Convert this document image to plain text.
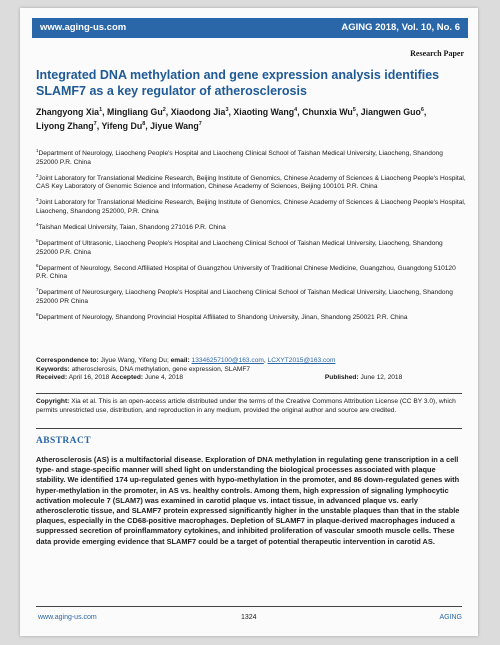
www.aging-us.com	AGING 2018, Vol. 10, No. 6
Research Paper
Integrated DNA methylation and gene expression analysis identifies SLAMF7 as a key regulator of atherosclerosis
Zhangyong Xia$^1$, Mingliang Gu$^2$, Xiaodong Jia$^3$, Xiaoting Wang$^4$, Chunxia Wu$^5$, Jiangwen Guo$^6$,
Liyong Zhang$^7$, Yifeng Du$^8$, Jiyue Wang$^7$
$^1$Department of Neurology, Liaocheng People's Hospital and Liaocheng Clinical School of Taishan Medical University, Liaocheng, Shandong 252000 P.R. China
$^2$Joint Laboratory for Translational Medicine Research, Beijing Institute of Genomics, Chinese Academy of Sciences & Liaocheng People's Hospital, CAS Key Laboratory of Genomic Science and Information, Chinese Academy of Sciences, Beijing 100101 P.R. China
$^3$Joint Laboratory for Translational Medicine Research, Beijing Institute of Genomics, Chinese Academy of Sciences & Liaocheng People's Hospital, Liaocheng, Shandong 252000, P.R. China
$^4$Taishan Medical University, Taian, Shandong 271016 P.R. China
$^5$Department of Ultrasonic, Liaocheng People's Hospital and Liaocheng Clinical School of Taishan Medical University, Liaocheng, Shandong 252000 P.R. China
$^6$Deparment of Neurology, Second Affiliated Hospital of Guangzhou University of Traditional Chinese Medicine, Guangzhou, Guangdong 510120 P.R. China
$^7$Department of Neurosurgery, Liaocheng People's Hospital and Liaocheng Clinical School of Taishan Medical University, Liaocheng, Shandong 252000 PR China
$^8$Department of Neurology, Shandong Provincial Hospital Affiliated to Shandong University, Jinan, Shandong 250021 P.R. China
Correspondence to: Jiyue Wang, Yifeng Du; email: 13346257100@163.com, LCXYT2015@163.com
Keywords: atherosclerosis, DNA methylation, gene expression, SLAMF7
Received: April 16, 2018 Accepted: June 4, 2018	Published: June 12, 2018
Copyright: Xia et al. This is an open-access article distributed under the terms of the Creative Commons Attribution License (CC BY 3.0), which permits unrestricted use, distribution, and reproduction in any medium, provided the original author and source are credited.
ABSTRACT
Atherosclerosis (AS) is a multifactorial disease. Exploration of DNA methylation in regulating gene transcription in a cell type- and stage-specific manner will shed light on understanding the biological processes associated with plaque stability. We identified 174 up-regulated genes with hypo-methylation in the promoter, and 86 down-regulated genes with hyper-methylation in the promoter, in AS vs. healthy controls. Among them, high expression of signaling lymphocytic activation molecule 7 (SLAM7) was examined in carotid plaque vs. intact tissue, in advanced plaque vs. early atherosclerotic tissue, and SLAMF7 protein expressed significantly higher in the unstable plaques than that in the stable plaques, especially in the CD68-positive macrophages. Depletion of SLAMF7 in plaque-derived macrophages induced a suppressed secretion of proinflammatory cytokines, and inhibited proliferation of vascular smooth muscle cells. These data provide emerging evidence that SLAMF7 could be a target of potential therapeutic intervention in carotid AS.
www.aging-us.com	1324	AGING
